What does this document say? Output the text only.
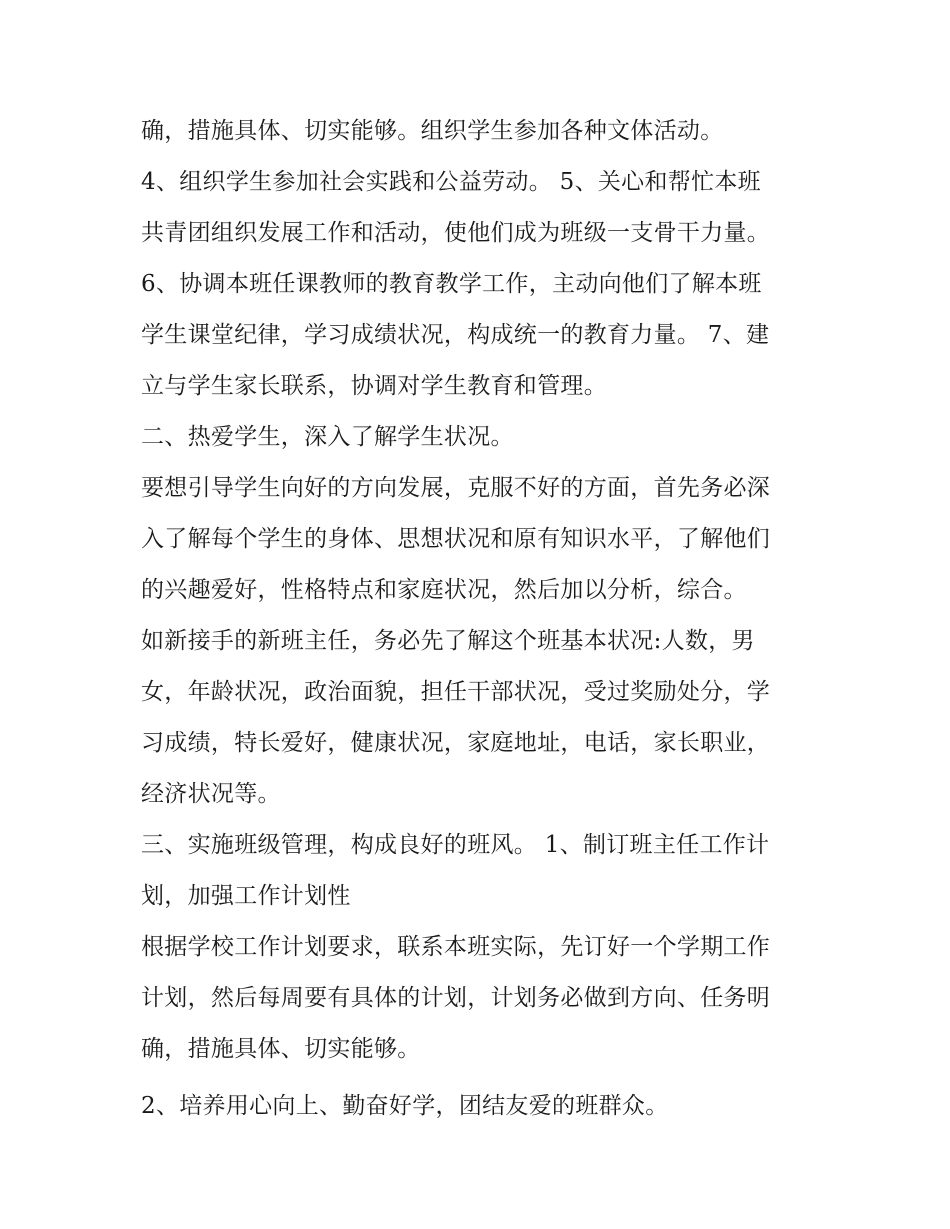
确，措施具体、切实能够。组织学生参加各种文体活动。
4、组织学生参加社会实践和公益劳动。 5、关心和帮忙本班
共青团组织发展工作和活动，使他们成为班级一支骨干力量。
6、协调本班任课教师的教育教学工作，主动向他们了解本班
学生课堂纪律，学习成绩状况，构成统一的教育力量。 7、建
立与学生家长联系，协调对学生教育和管理。
二、热爱学生，深入了解学生状况。
要想引导学生向好的方向发展，克服不好的方面，首先务必深
入了解每个学生的身体、思想状况和原有知识水平，了解他们
的兴趣爱好，性格特点和家庭状况，然后加以分析，综合。
如新接手的新班主任，务必先了解这个班基本状况:人数，男
女，年龄状况，政治面貌，担任干部状况，受过奖励处分，学
习成绩，特长爱好，健康状况，家庭地址，电话，家长职业，
经济状况等。
三、实施班级管理，构成良好的班风。 1、制订班主任工作计
划，加强工作计划性
根据学校工作计划要求，联系本班实际，先订好一个学期工作
计划，然后每周要有具体的计划，计划务必做到方向、任务明
确，措施具体、切实能够。
2、培养用心向上、勤奋好学，团结友爱的班群众。
